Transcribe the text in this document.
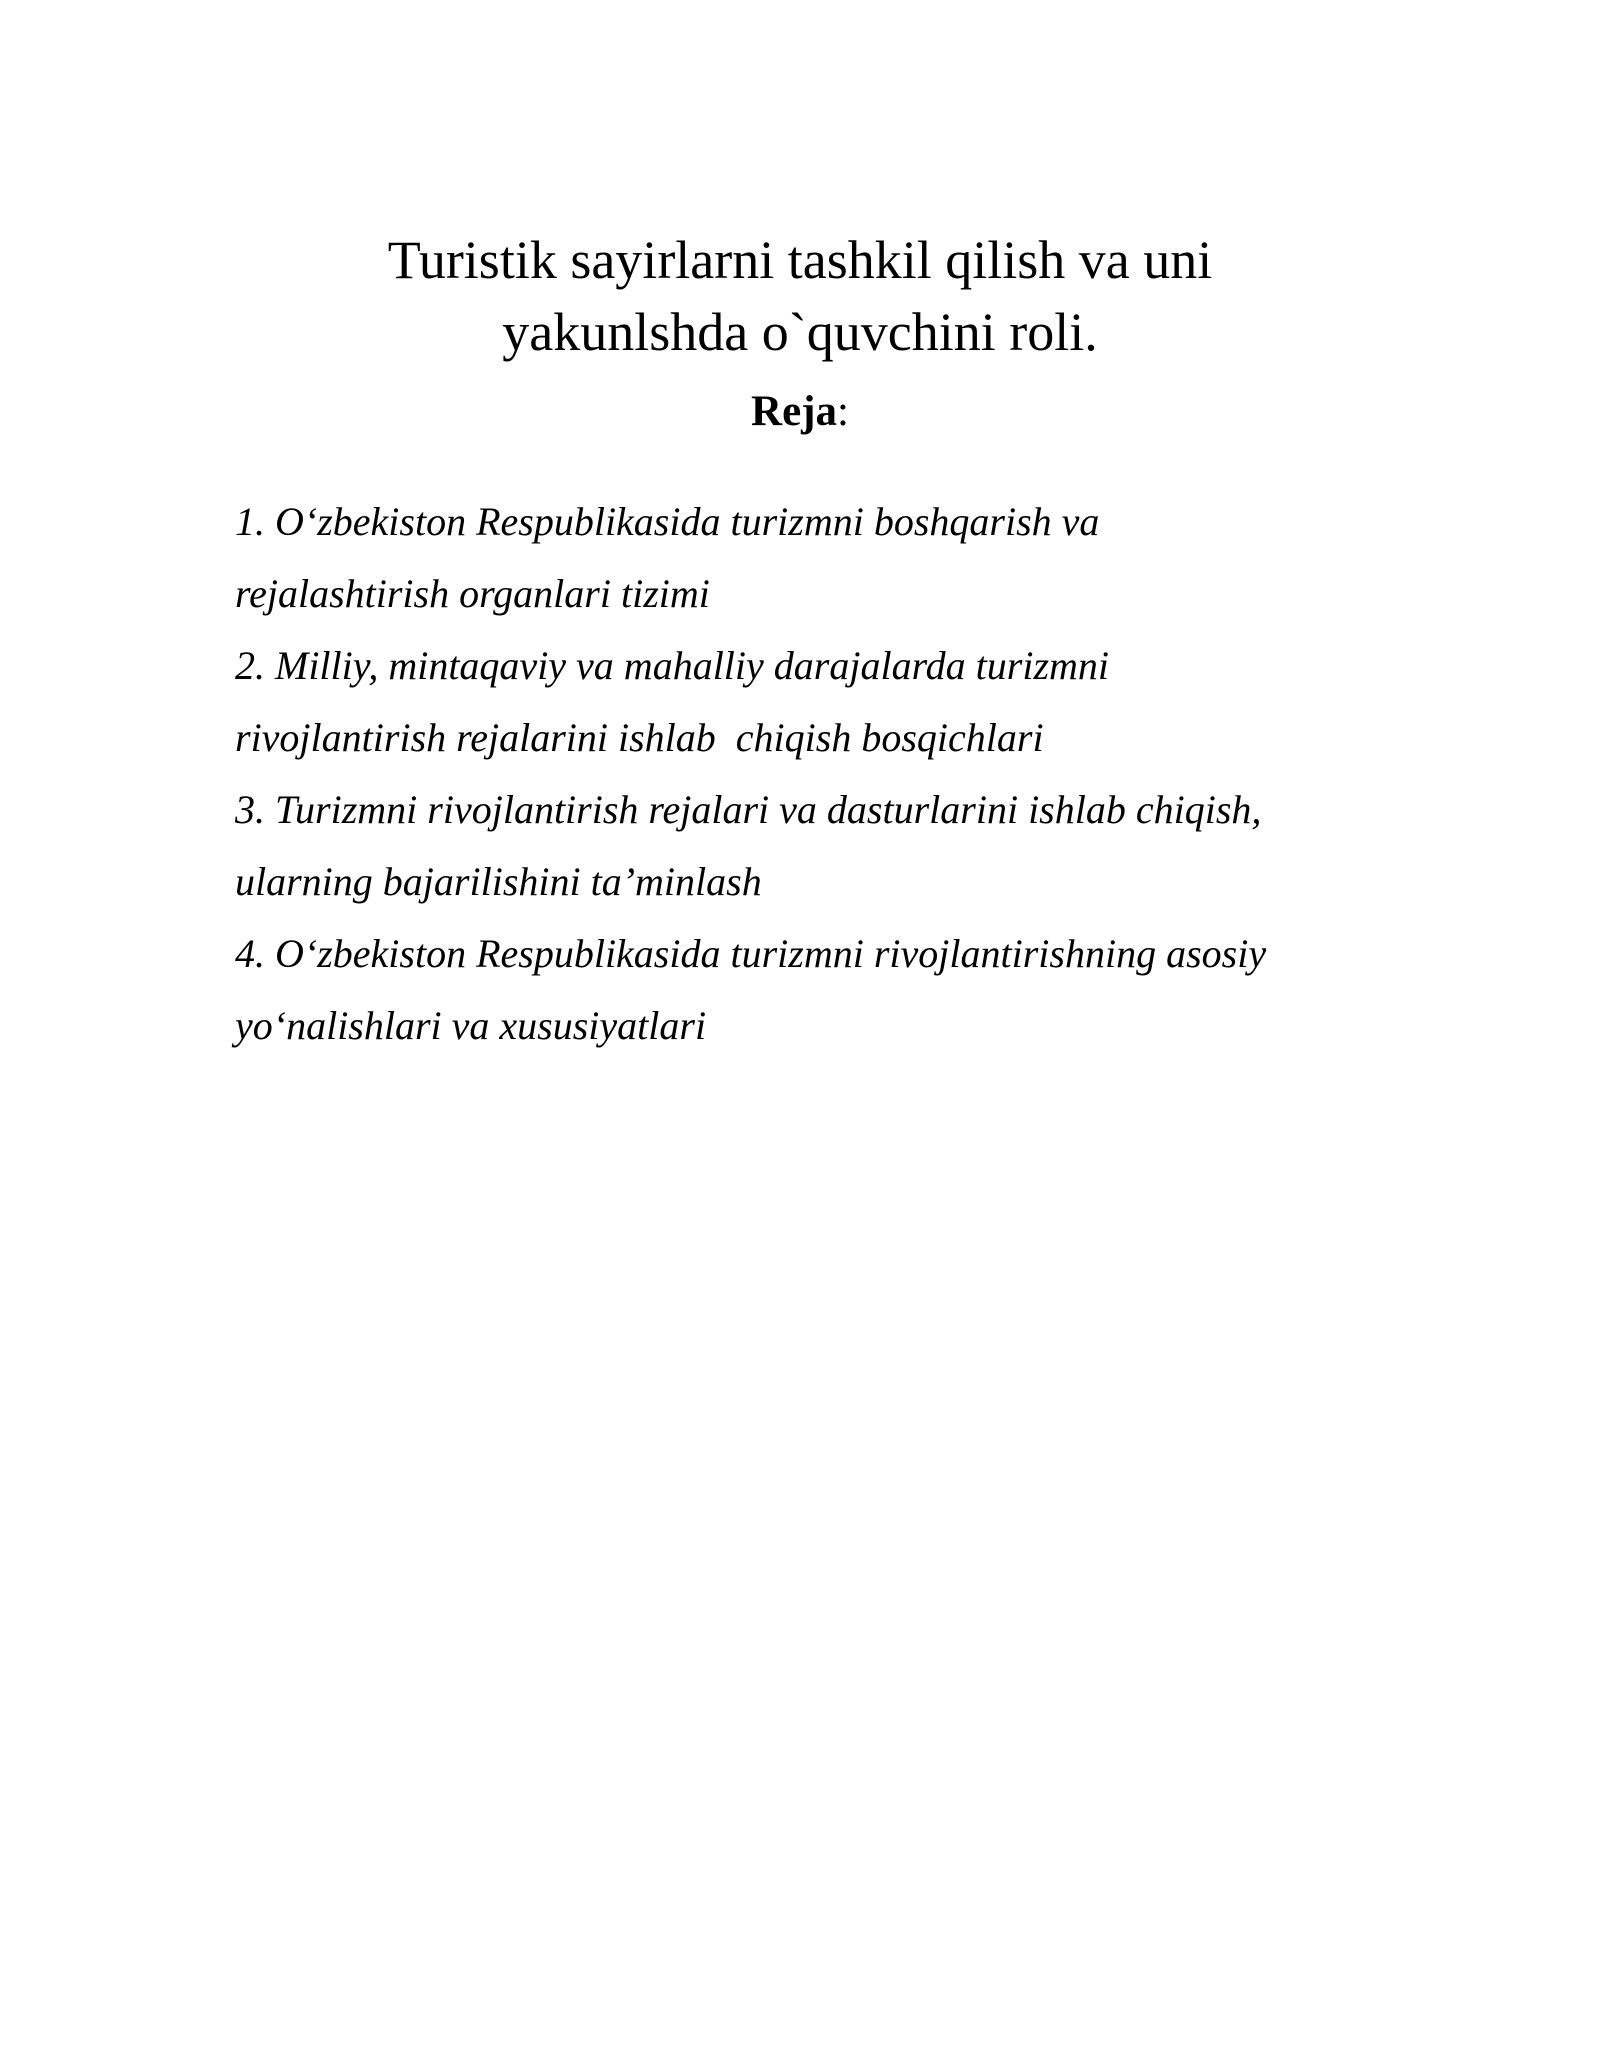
Turistik sayirlarni tashkil qilish va uni
yakunlshda o`quvchini roli.
Reja:
1. O‘zbekiston Respublikasida turizmni boshqarish va
rejalashtirish organlari tizimi
2. Milliy, mintaqaviy va mahalliy darajalarda turizmni
rivojlantirish rejalarini ishlab  chiqish bosqichlari
3. Turizmni rivojlantirish rejalari va dasturlarini ishlab chiqish,
ularning bajarilishini ta’minlash
4. O‘zbekiston Respublikasida turizmni rivojlantirishning asosiy
yo‘nalishlari va xususiyatlari
